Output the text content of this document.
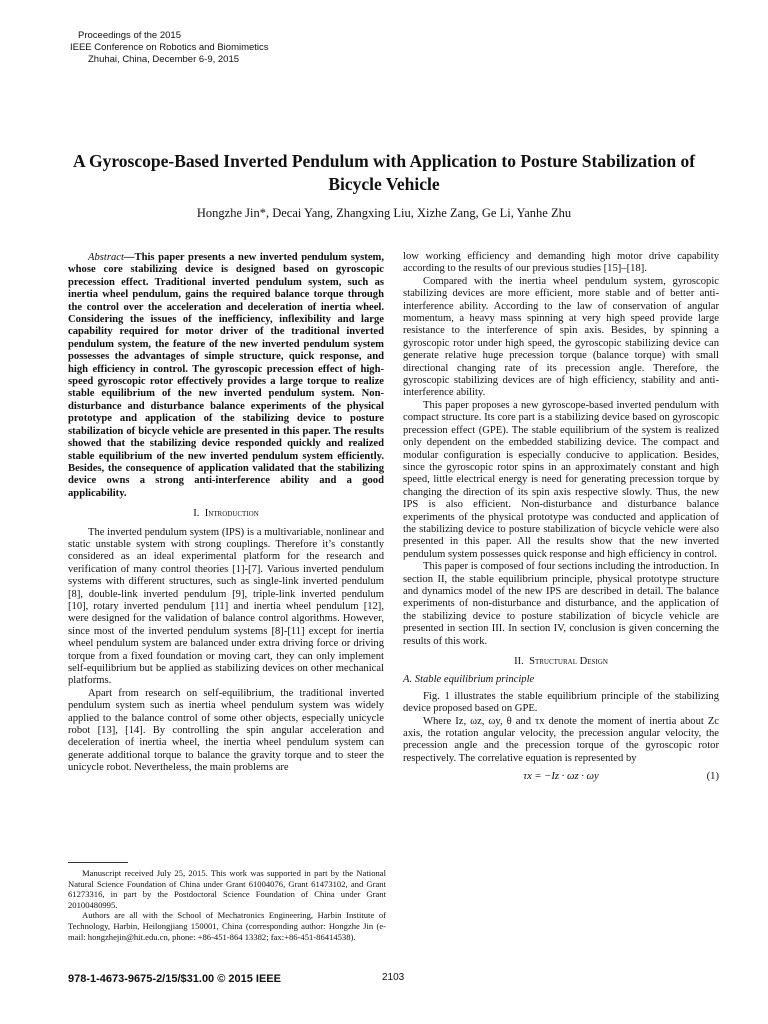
Proceedings of the 2015
IEEE Conference on Robotics and Biomimetics
Zhuhai, China, December 6-9, 2015
A Gyroscope-Based Inverted Pendulum with Application to Posture Stabilization of Bicycle Vehicle
Hongzhe Jin*, Decai Yang, Zhangxing Liu, Xizhe Zang, Ge Li, Yanhe Zhu

Abstract—This paper presents a new inverted pendulum system, whose core stabilizing device is designed based on gyroscopic precession effect. Traditional inverted pendulum system, such as inertia wheel pendulum, gains the required balance torque through the control over the acceleration and deceleration of inertia wheel. Considering the issues of the inefficiency, inflexibility and large capability required for motor driver of the traditional inverted pendulum system, the feature of the new inverted pendulum system possesses the advantages of simple structure, quick response, and high efficiency in control. The gyroscopic precession effect of high-speed gyroscopic rotor effectively provides a large torque to realize stable equilibrium of the new inverted pendulum system. Non-disturbance and disturbance balance experiments of the physical prototype and application of the stabilizing device to posture stabilization of bicycle vehicle are presented in this paper. The results showed that the stabilizing device responded quickly and realized stable equilibrium of the new inverted pendulum system efficiently. Besides, the consequence of application validated that the stabilizing device owns a strong anti-interference ability and a good applicability.

I. Introduction

The inverted pendulum system (IPS) is a multivariable, nonlinear and static unstable system with strong couplings. Therefore it’s constantly considered as an ideal experimental platform for the research and verification of many control theories [1]-[7]. Various inverted pendulum systems with different structures, such as single-link inverted pendulum [8], double-link inverted pendulum [9], triple-link inverted pendulum [10], rotary inverted pendulum [11] and inertia wheel pendulum [12], were designed for the validation of balance control algorithms. However, since most of the inverted pendulum systems [8]-[11] except for inertia wheel pendulum system are balanced under extra driving force or driving torque from a fixed foundation or moving cart, they can only implement self-equilibrium but be applied as stabilizing devices on other mechanical platforms.

Apart from research on self-equilibrium, the traditional inverted pendulum system such as inertia wheel pendulum system was widely applied to the balance control of some other objects, especially unicycle robot [13], [14]. By controlling the spin angular acceleration and deceleration of inertia wheel, the inertia wheel pendulum system can generate additional torque to balance the gravity torque and to steer the unicycle robot. Nevertheless, the main problems are

low working efficiency and demanding high motor drive capability according to the results of our previous studies [15]–[18].

Compared with the inertia wheel pendulum system, gyroscopic stabilizing devices are more efficient, more stable and of better anti-interference ability. According to the law of conservation of angular momentum, a heavy mass spinning at very high speed provide large resistance to the interference of spin axis. Besides, by spinning a gyroscopic rotor under high speed, the gyroscopic stabilizing device can generate relative huge precession torque (balance torque) with small directional changing rate of its precession angle. Therefore, the gyroscopic stabilizing devices are of high efficiency, stability and anti-interference ability.

This paper proposes a new gyroscope-based inverted pendulum with compact structure. Its core part is a stabilizing device based on gyroscopic precession effect (GPE). The stable equilibrium of the system is realized only dependent on the embedded stabilizing device. The compact and modular configuration is especially conducive to application. Besides, since the gyroscopic rotor spins in an approximately constant and high speed, little electrical energy is need for generating precession torque by changing the direction of its spin axis respective slowly. Thus, the new IPS is also efficient. Non-disturbance and disturbance balance experiments of the physical prototype was conducted and application of the stabilizing device to posture stabilization of bicycle vehicle were also presented in this paper. All the results show that the new inverted pendulum system possesses quick response and high efficiency in control.

This paper is composed of four sections including the introduction. In section II, the stable equilibrium principle, physical prototype structure and dynamics model of the new IPS are described in detail. The balance experiments of non-disturbance and disturbance, and the application of the stabilizing device to posture stabilization of bicycle vehicle are presented in section III. In section IV, conclusion is given concerning the results of this work.

II. Structural Design
A. Stable equilibrium principle

Fig. 1 illustrates the stable equilibrium principle of the stabilizing device proposed based on GPE.

Where Iz, ωz, ωy, θ and τx denote the moment of inertia about Zc axis, the rotation angular velocity, the precession angular velocity, the precession angle and the precession torque of the gyroscopic rotor respectively. The correlative equation is represented by

τx = −Iz · ωz · ωy	(1)

Manuscript received July 25, 2015. This work was supported in part by the National Natural Science Foundation of China under Grant 61004076, Grant 61473102, and Grant 61273316, in part by the Postdoctoral Science Foundation of China under Grant 20100480995.

Authors are all with the School of Mechatronics Engineering, Harbin Institute of Technology, Harbin, Heilongjiang 150001, China (corresponding author: Hongzhe Jin (e-mail: hongzhejin@hit.edu.cn, phone: +86-451-864 13382; fax:+86-451-86414538).

978-1-4673-9675-2/15/$31.00 © 2015 IEEE	2103
